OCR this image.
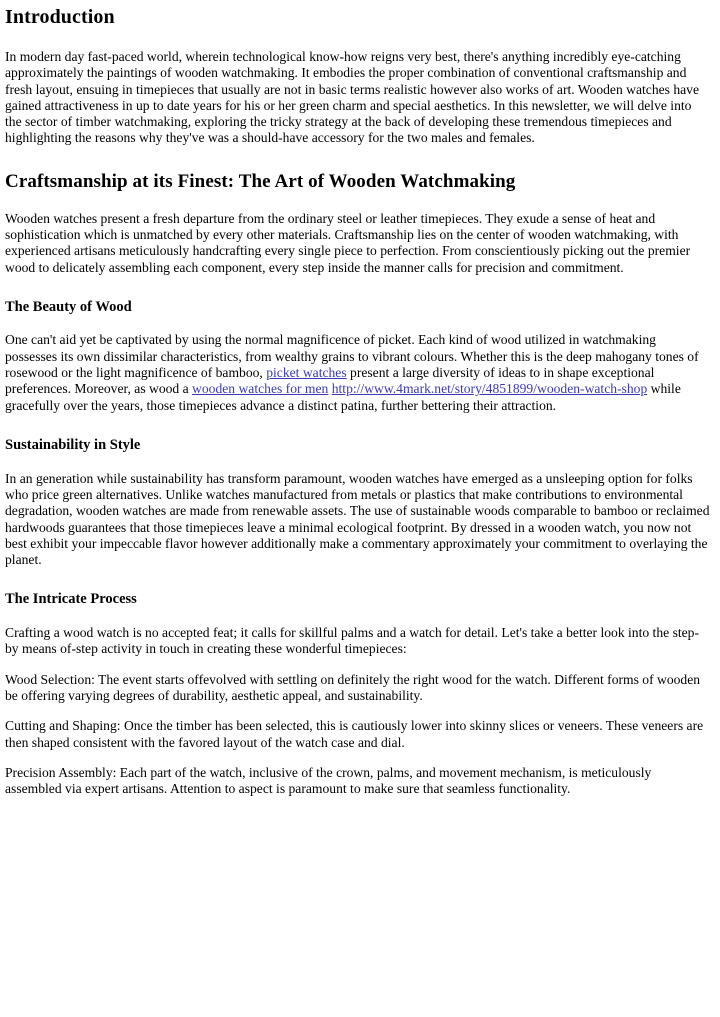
Introduction

In modern day fast-paced world, wherein technological know-how reigns very best, there's anything incredibly eye-catching approximately the paintings of wooden watchmaking. It embodies the proper combination of conventional craftsmanship and fresh layout, ensuing in timepieces that usually are not in basic terms realistic however also works of art. Wooden watches have gained attractiveness in up to date years for his or her green charm and special aesthetics. In this newsletter, we will delve into the sector of timber watchmaking, exploring the tricky strategy at the back of developing these tremendous timepieces and highlighting the reasons why they've was a should-have accessory for the two males and females.

Craftsmanship at its Finest: The Art of Wooden Watchmaking

Wooden watches present a fresh departure from the ordinary steel or leather timepieces. They exude a sense of heat and sophistication which is unmatched by every other materials. Craftsmanship lies on the center of wooden watchmaking, with experienced artisans meticulously handcrafting every single piece to perfection. From conscientiously picking out the premier wood to delicately assembling each component, every step inside the manner calls for precision and commitment.

The Beauty of Wood

One can't aid yet be captivated by using the normal magnificence of picket. Each kind of wood utilized in watchmaking possesses its own dissimilar characteristics, from wealthy grains to vibrant colours. Whether this is the deep mahogany tones of rosewood or the light magnificence of bamboo, picket watches present a large diversity of ideas to in shape exceptional preferences. Moreover, as wood a wooden watches for men http://www.4mark.net/story/4851899/wooden-watch-shop while gracefully over the years, those timepieces advance a distinct patina, further bettering their attraction.

Sustainability in Style

In an generation while sustainability has transform paramount, wooden watches have emerged as a unsleeping option for folks who price green alternatives. Unlike watches manufactured from metals or plastics that make contributions to environmental degradation, wooden watches are made from renewable assets. The use of sustainable woods comparable to bamboo or reclaimed hardwoods guarantees that those timepieces leave a minimal ecological footprint. By dressed in a wooden watch, you now not best exhibit your impeccable flavor however additionally make a commentary approximately your commitment to overlaying the planet.

The Intricate Process

Crafting a wood watch is no accepted feat; it calls for skillful palms and a watch for detail. Let's take a better look into the step-by means of-step activity in touch in creating these wonderful timepieces:

Wood Selection: The event starts offevolved with settling on definitely the right wood for the watch. Different forms of wooden be offering varying degrees of durability, aesthetic appeal, and sustainability.

Cutting and Shaping: Once the timber has been selected, this is cautiously lower into skinny slices or veneers. These veneers are then shaped consistent with the favored layout of the watch case and dial.

Precision Assembly: Each part of the watch, inclusive of the crown, palms, and movement mechanism, is meticulously assembled via expert artisans. Attention to aspect is paramount to make sure that seamless functionality.
